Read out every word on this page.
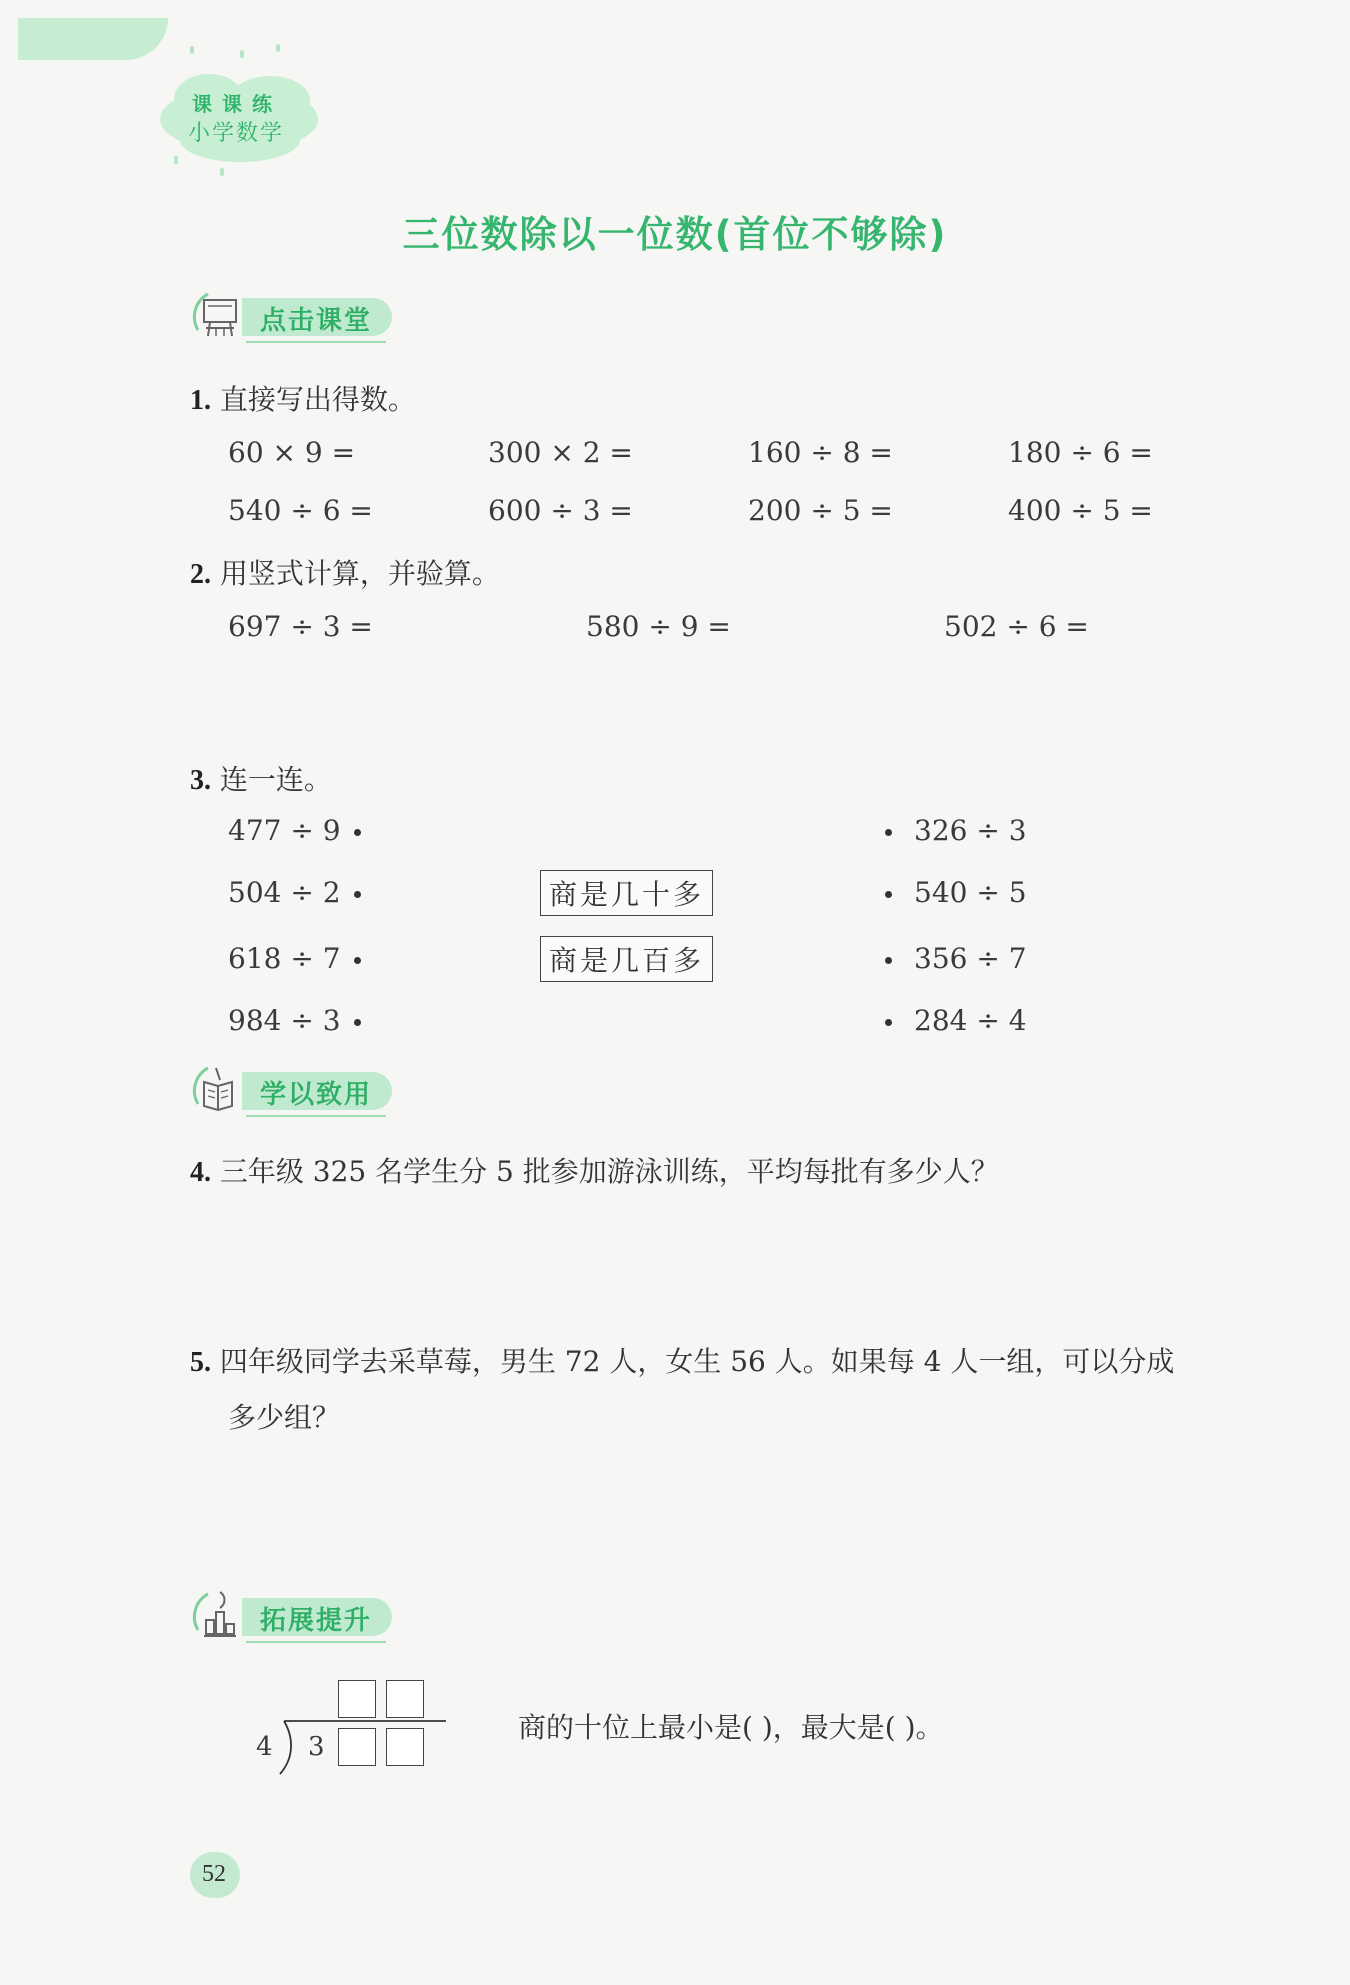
课课练
小学数学
三位数除以一位数(首位不够除)
点击课堂
1. 直接写出得数。
60 × 9 =	300 × 2 =	160 ÷ 8 =	180 ÷ 6 =
540 ÷ 6 =	600 ÷ 3 =	200 ÷ 5 =	400 ÷ 5 =
2. 用竖式计算，并验算。
697 ÷ 3 =	580 ÷ 9 =	502 ÷ 6 =
3. 连一连。
477 ÷ 9
504 ÷ 2
618 ÷ 7
984 ÷ 3
商是几十多
商是几百多
326 ÷ 3
540 ÷ 5
356 ÷ 7
284 ÷ 4
学以致用
4. 三年级 325 名学生分 5 批参加游泳训练，平均每批有多少人？
5. 四年级同学去采草莓，男生 72 人，女生 56 人。如果每 4 人一组，可以分成
多少组？
拓展提升
4 3
商的十位上最小是( )，最大是( )。
52
